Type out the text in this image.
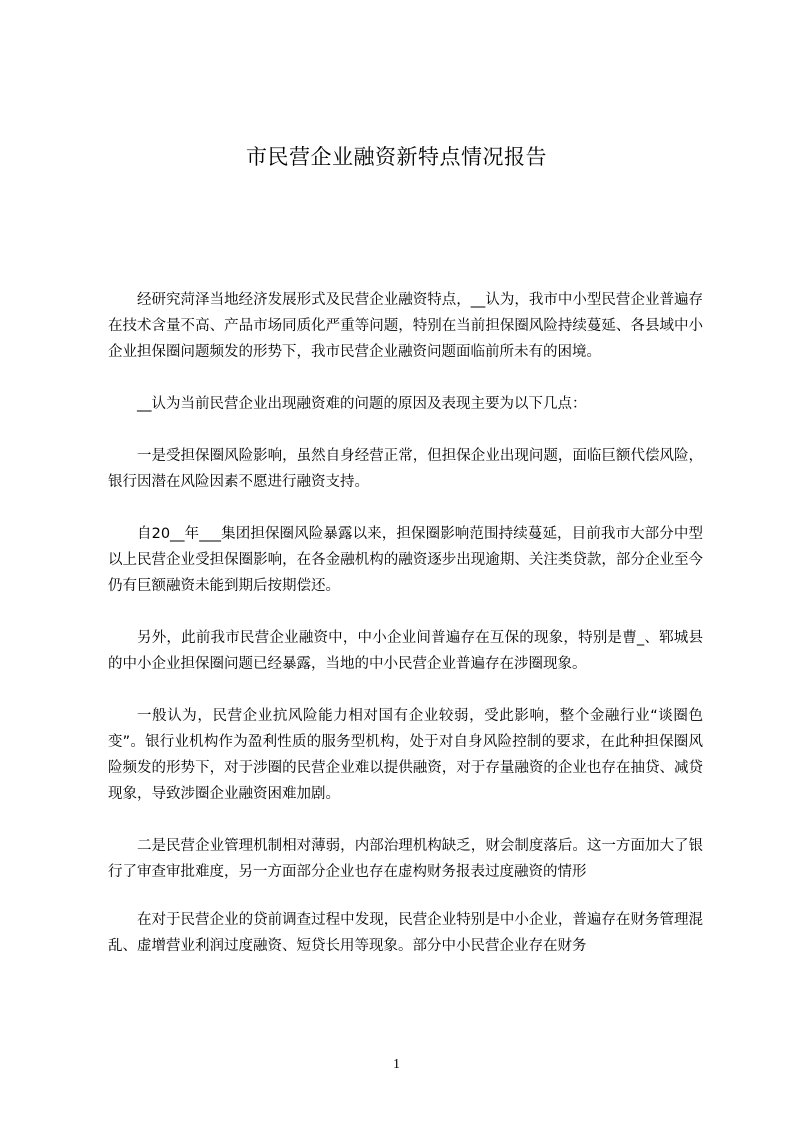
市民营企业融资新特点情况报告

经研究菏泽当地经济发展形式及民营企业融资特点，__认为，我市中小型民营企业普遍存在技术含量不高、产品市场同质化严重等问题，特别在当前担保圈风险持续蔓延、各县域中小企业担保圈问题频发的形势下，我市民营企业融资问题面临前所未有的困境。

__认为当前民营企业出现融资难的问题的原因及表现主要为以下几点：

一是受担保圈风险影响，虽然自身经营正常，但担保企业出现问题，面临巨额代偿风险，银行因潜在风险因素不愿进行融资支持。

自20__年___集团担保圈风险暴露以来，担保圈影响范围持续蔓延，目前我市大部分中型以上民营企业受担保圈影响，在各金融机构的融资逐步出现逾期、关注类贷款，部分企业至今仍有巨额融资未能到期后按期偿还。

另外，此前我市民营企业融资中，中小企业间普遍存在互保的现象，特别是曹_、郓城县的中小企业担保圈问题已经暴露，当地的中小民营企业普遍存在涉圈现象。

一般认为，民营企业抗风险能力相对国有企业较弱，受此影响，整个金融行业“谈圈色变”。银行业机构作为盈利性质的服务型机构，处于对自身风险控制的要求，在此种担保圈风险频发的形势下，对于涉圈的民营企业难以提供融资，对于存量融资的企业也存在抽贷、减贷现象，导致涉圈企业融资困难加剧。

二是民营企业管理机制相对薄弱，内部治理机构缺乏，财会制度落后。这一方面加大了银行了审查审批难度，另一方面部分企业也存在虚构财务报表过度融资的情形

在对于民营企业的贷前调查过程中发现，民营企业特别是中小企业，普遍存在财务管理混乱、虚增营业利润过度融资、短贷长用等现象。部分中小民营企业存在财务

1
